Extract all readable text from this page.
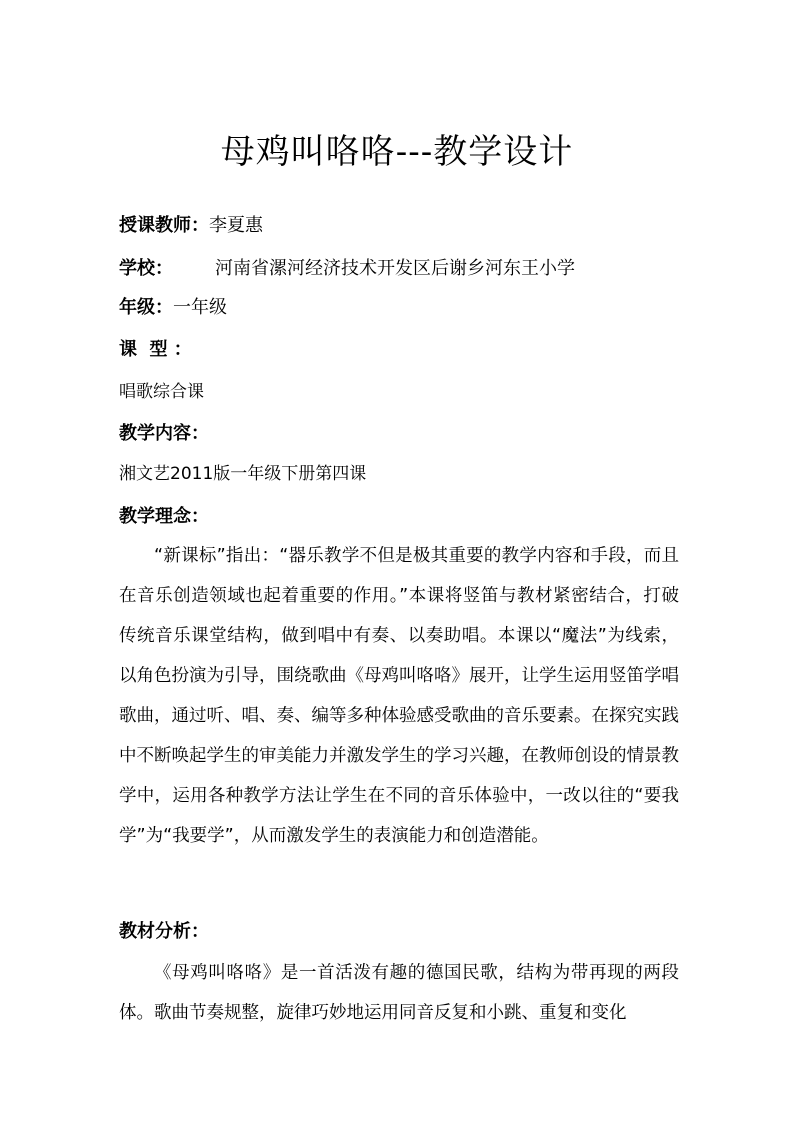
母鸡叫咯咯---教学设计
授课教师：李夏惠
学校： 河南省漯河经济技术开发区后谢乡河东王小学
年级：一年级
课  型 ：
唱歌综合课
教学内容：
湘文艺2011版一年级下册第四课
教学理念：

“新课标”指出：“器乐教学不但是极其重要的教学内容和手段，而且在音乐创造领域也起着重要的作用。”本课将竖笛与教材紧密结合，打破传统音乐课堂结构，做到唱中有奏、以奏助唱。本课以“魔法”为线索，以角色扮演为引导，围绕歌曲《母鸡叫咯咯》展开，让学生运用竖笛学唱歌曲，通过听、唱、奏、编等多种体验感受歌曲的音乐要素。在探究实践中不断唤起学生的审美能力并激发学生的学习兴趣，在教师创设的情景教学中，运用各种教学方法让学生在不同的音乐体验中，一改以往的“要我学”为“我要学”，从而激发学生的表演能力和创造潜能。

教材分析：

《母鸡叫咯咯》是一首活泼有趣的德国民歌，结构为带再现的两段体。歌曲节奏规整，旋律巧妙地运用同音反复和小跳、重复和变化
